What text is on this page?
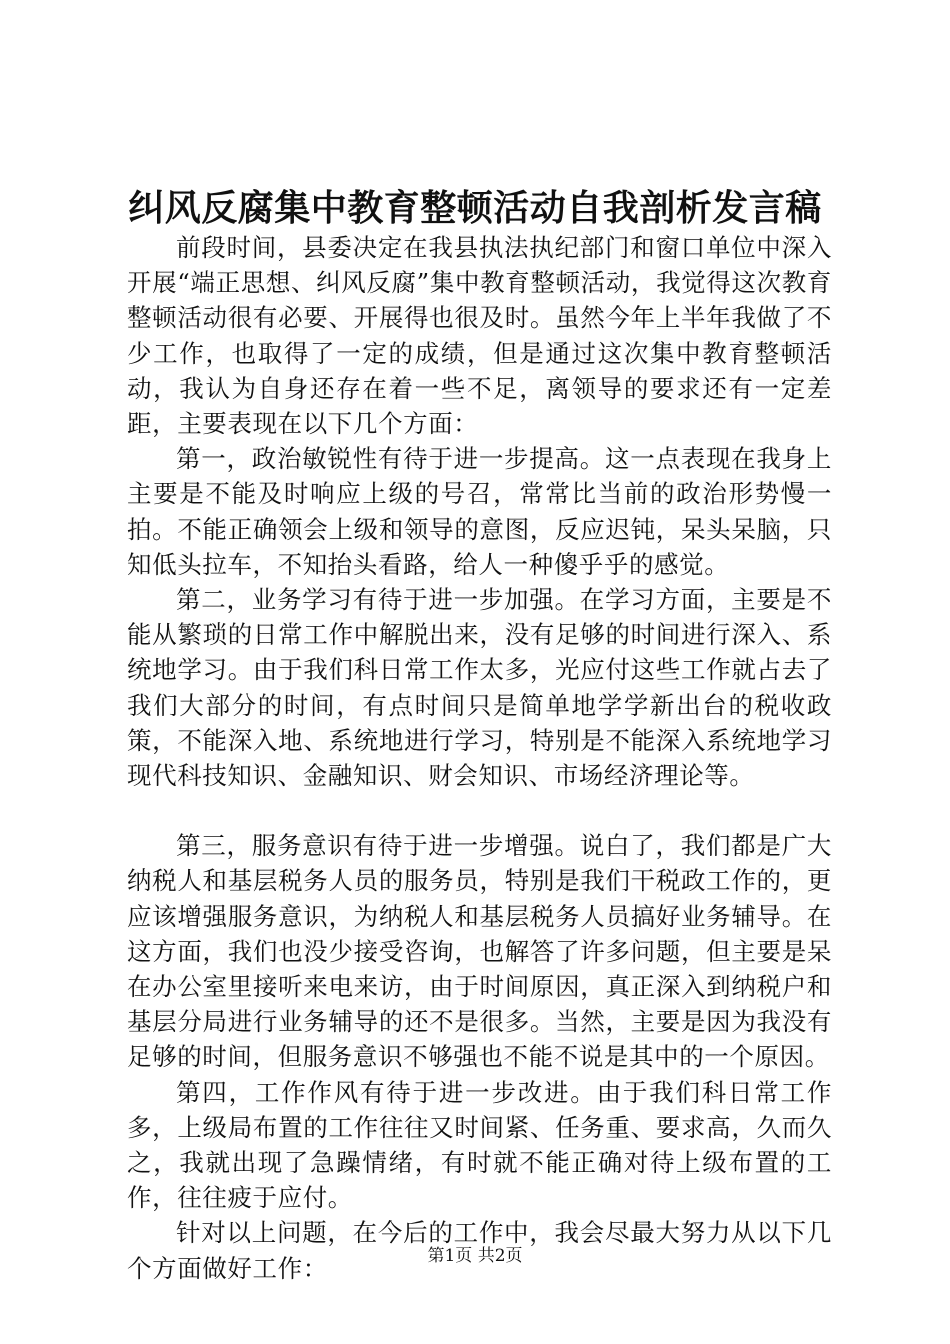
纠风反腐集中教育整顿活动自我剖析发言稿

前段时间，县委决定在我县执法执纪部门和窗口单位中深入开展“端正思想、纠风反腐”集中教育整顿活动，我觉得这次教育整顿活动很有必要、开展得也很及时。虽然今年上半年我做了不少工作，也取得了一定的成绩，但是通过这次集中教育整顿活动，我认为自身还存在着一些不足，离领导的要求还有一定差距，主要表现在以下几个方面：

第一，政治敏锐性有待于进一步提高。这一点表现在我身上主要是不能及时响应上级的号召，常常比当前的政治形势慢一拍。不能正确领会上级和领导的意图，反应迟钝，呆头呆脑，只知低头拉车，不知抬头看路，给人一种傻乎乎的感觉。

第二，业务学习有待于进一步加强。在学习方面，主要是不能从繁琐的日常工作中解脱出来，没有足够的时间进行深入、系统地学习。由于我们科日常工作太多，光应付这些工作就占去了我们大部分的时间，有点时间只是简单地学学新出台的税收政策，不能深入地、系统地进行学习，特别是不能深入系统地学习现代科技知识、金融知识、财会知识、市场经济理论等。

第三，服务意识有待于进一步增强。说白了，我们都是广大纳税人和基层税务人员的服务员，特别是我们干税政工作的，更应该增强服务意识，为纳税人和基层税务人员搞好业务辅导。在这方面，我们也没少接受咨询，也解答了许多问题，但主要是呆在办公室里接听来电来访，由于时间原因，真正深入到纳税户和基层分局进行业务辅导的还不是很多。当然，主要是因为我没有足够的时间，但服务意识不够强也不能不说是其中的一个原因。

第四，工作作风有待于进一步改进。由于我们科日常工作多，上级局布置的工作往往又时间紧、任务重、要求高，久而久之，我就出现了急躁情绪，有时就不能正确对待上级布置的工作，往往疲于应付。

针对以上问题，在今后的工作中，我会尽最大努力从以下几个方面做好工作：	第1页 共2页
